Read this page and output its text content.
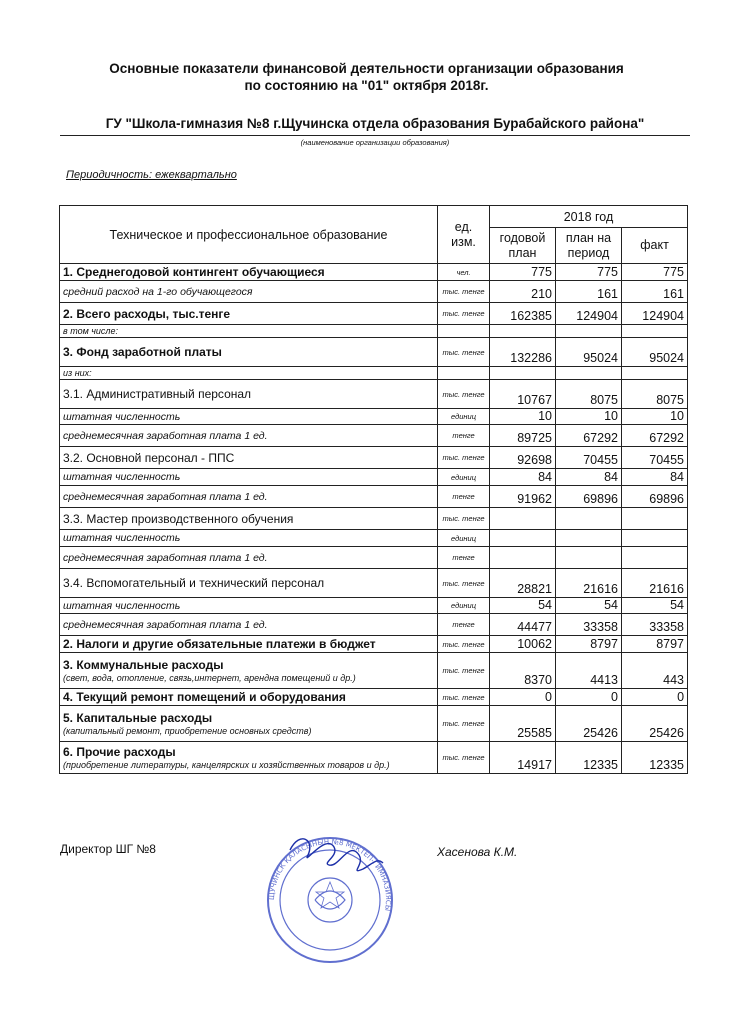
Основные показатели финансовой деятельности организации образования
по состоянию на "01" октября 2018г.
ГУ "Школа-гимназия №8 г.Щучинска отдела образования Бурабайского района"
(наименование организации образования)
Периодичность: ежеквартально
Техническое и профессиональное образование	ед. изм.	2018 год		
		годовой план	план на период	факт
1. Среднегодовой контингент обучающиеся	чел.	775	775	775
средний расход на 1-го обучающегося	тыс. тенге	210	161	161
2. Всего расходы, тыс.тенге	тыс. тенге	162385	124904	124904
в том числе:				
3. Фонд заработной платы	тыс. тенге	132286	95024	95024
из них:				
3.1. Административный персонал	тыс. тенге	10767	8075	8075
штатная численность	единиц	10	10	10
среднемесячная заработная плата 1 ед.	тенге	89725	67292	67292
3.2. Основной персонал - ППС	тыс. тенге	92698	70455	70455
штатная численность	единиц	84	84	84
среднемесячная заработная плата 1 ед.	тенге	91962	69896	69896
3.3. Мастер производственного обучения	тыс. тенге			
штатная численность	единиц			
среднемесячная заработная плата 1 ед.	тенге			
3.4. Вспомогательный и технический персонал	тыс. тенге	28821	21616	21616
штатная численность	единиц	54	54	54
среднемесячная заработная плата 1 ед.	тенге	44477	33358	33358
2. Налоги и другие обязательные платежи в бюджет	тыс. тенге	10062	8797	8797
3. Коммунальные расходы
(свет, вода, отопление, связь,интернет, арендна помещений и др.)	тыс. тенге	8370	4413	443
4. Текущий ремонт помещений и оборудования	тыс. тенге	0	0	0
5. Капитальные расходы
(капитальный ремонт, приобретение основных средств)	тыс. тенге	25585	25426	25426
6. Прочие расходы
(приобретение литературы, канцелярских и хозяйственных товаров и др.)	тыс. тенге	14917	12335	12335
Директор ШГ №8	Хасенова К.М.
ЩУЧИНСК ҚАЛАСЫНЫҢ №8 МЕКТЕП-ГИМНАЗИЯСЫ
